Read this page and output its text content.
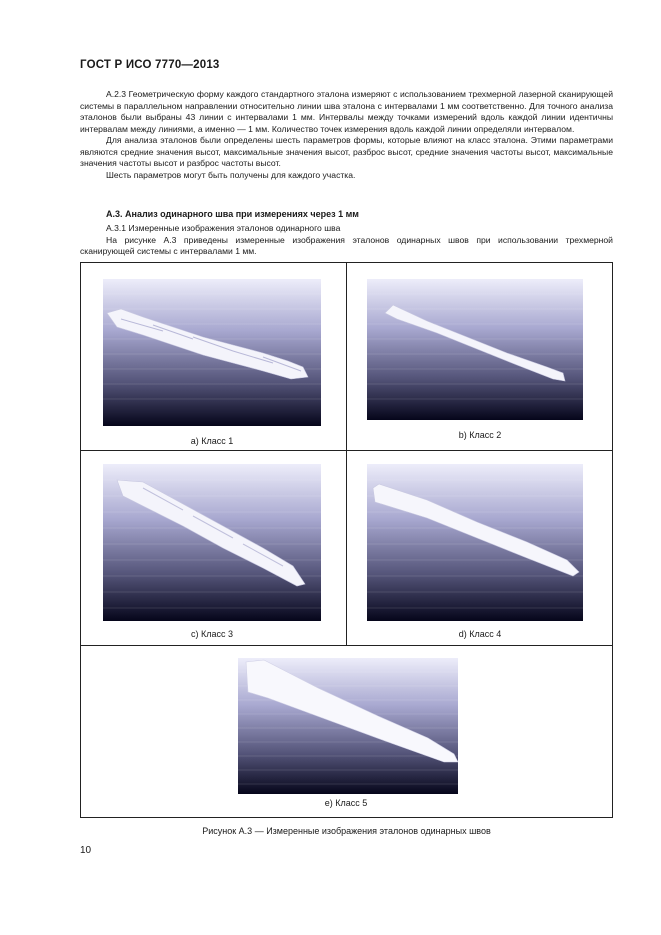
ГОСТ Р ИСО 7770—2013

А.2.3 Геометрическую форму каждого стандартного эталона измеряют с использованием трехмерной лазерной сканирующей системы в параллельном направлении относительно линии шва эталона с интервалами 1 мм соответственно. Для точного анализа эталонов были выбраны 43 линии с интервалами 1 мм. Интервалы между точками измерений вдоль каждой линии идентичны интервалам между линиями, а именно — 1 мм. Количество точек измерения вдоль каждой линии определяли интервалом.

Для анализа эталонов были определены шесть параметров формы, которые влияют на класс эталона. Этими параметрами являются средние значения высот, максимальные значения высот, разброс высот, средние значения частоты высот, максимальные значения частоты высот и разброс частоты высот.

Шесть параметров могут быть получены для каждого участка.

А.3. Анализ одинарного шва при измерениях через 1 мм

А.3.1 Измеренные изображения эталонов одинарного шва

На рисунке А.3 приведены измеренные изображения эталонов одинарных швов при использовании трехмерной сканирующей системы с интервалами 1 мм.

а) Класс 1
b) Класс 2
с) Класс 3	d) Класс 4
е) Класс 5
Рисунок А.3 — Измеренные изображения эталонов одинарных швов
10
